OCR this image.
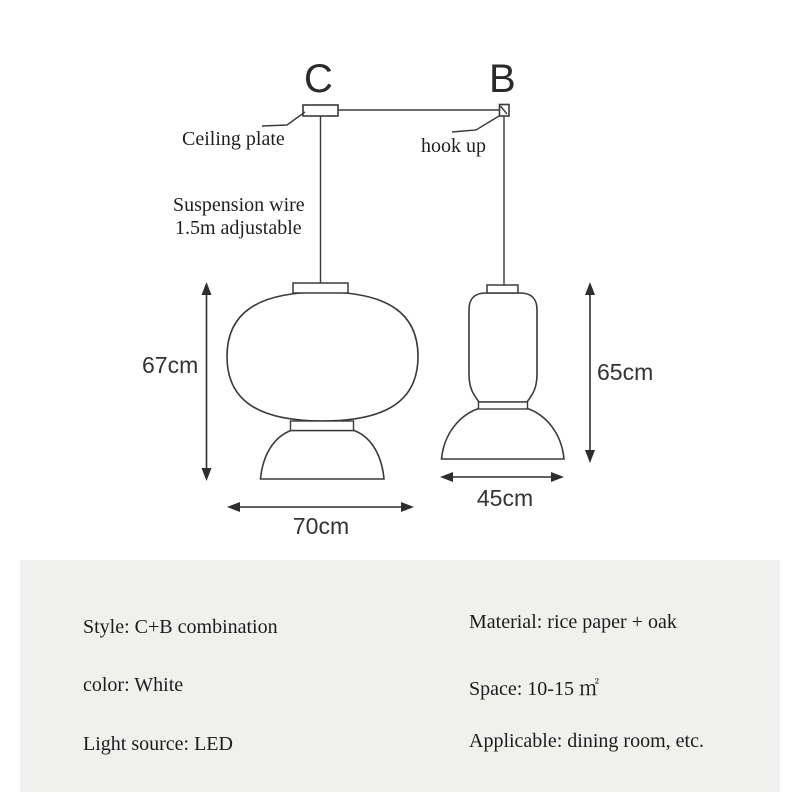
C	B
Ceiling plate	hook up
Suspension wire
1.5m adjustable
67cm
70cm
65cm
45cm
Style: C+B combination
color: White
Light source: LED
Material: rice paper + oak
Space: 10-15 ㎡
Applicable: dining room, etc.
